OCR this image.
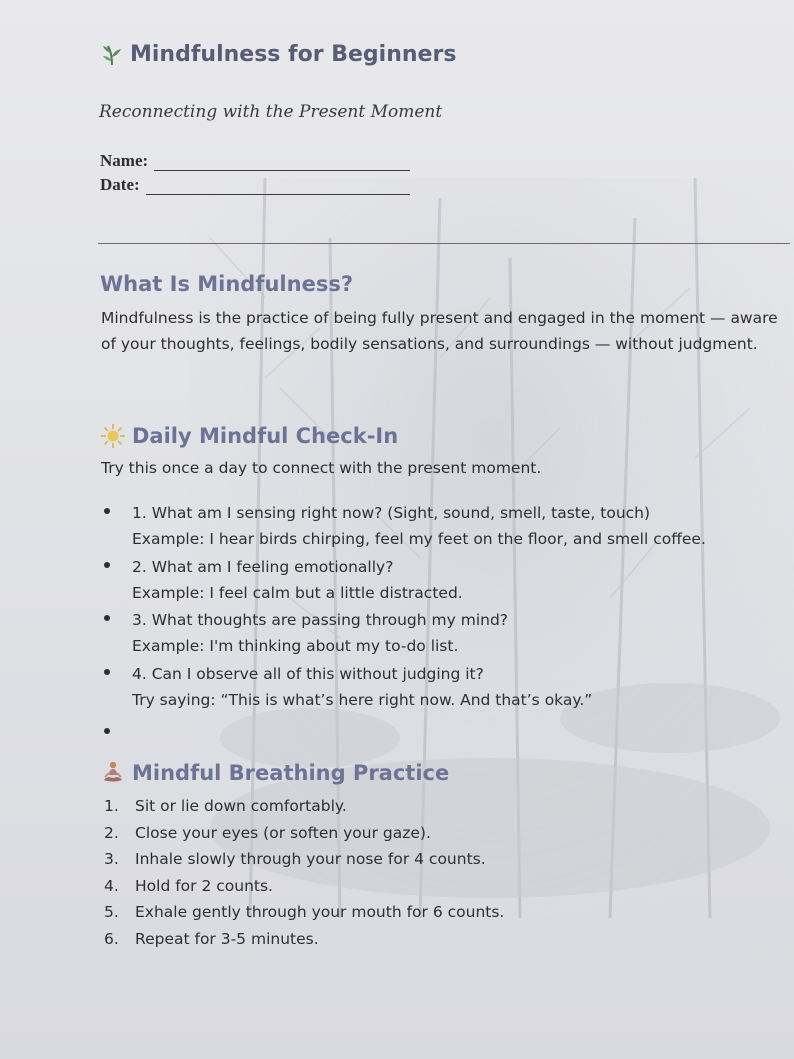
Mindfulness for Beginners

Reconnecting with the Present Moment

Name:
Date:
What Is Mindfulness?

Mindfulness is the practice of being fully present and engaged in the moment — aware
of your thoughts, feelings, bodily sensations, and surroundings — without judgment.

Daily Mindful Check-In

Try this once a day to connect with the present moment.

1. What am I sensing right now? (Sight, sound, smell, taste, touch)
Example: I hear birds chirping, feel my feet on the floor, and smell coffee.
2. What am I feeling emotionally?
Example: I feel calm but a little distracted.
3. What thoughts are passing through my mind?
Example: I'm thinking about my to-do list.
4. Can I observe all of this without judging it?
Try saying: “This is what’s here right now. And that’s okay.”
Mindful Breathing Practice
1. Sit or lie down comfortably.
2. Close your eyes (or soften your gaze).
3. Inhale slowly through your nose for 4 counts.
4. Hold for 2 counts.
5. Exhale gently through your mouth for 6 counts.
6. Repeat for 3-5 minutes.
